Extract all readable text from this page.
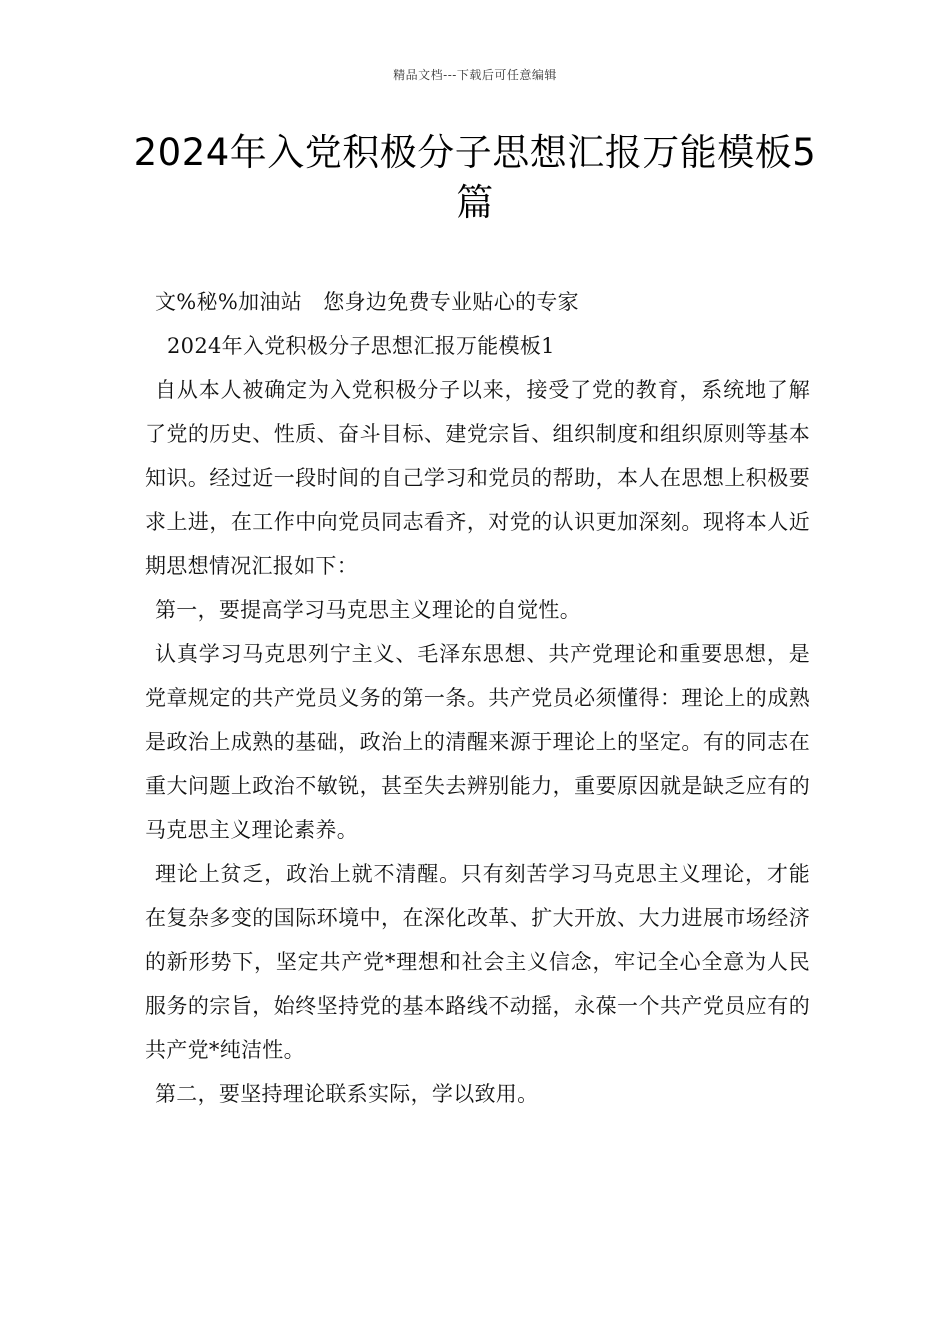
精品文档---下载后可任意编辑
2024年入党积极分子思想汇报万能模板5篇

文%秘%加油站　您身边免费专业贴心的专家

2024年入党积极分子思想汇报万能模板1

自从本人被确定为入党积极分子以来，接受了党的教育，系统地了解了党的历史、性质、奋斗目标、建党宗旨、组织制度和组织原则等基本知识。经过近一段时间的自己学习和党员的帮助，本人在思想上积极要求上进，在工作中向党员同志看齐，对党的认识更加深刻。现将本人近期思想情况汇报如下：

第一，要提高学习马克思主义理论的自觉性。

认真学习马克思列宁主义、毛泽东思想、共产党理论和重要思想，是党章规定的共产党员义务的第一条。共产党员必须懂得：理论上的成熟是政治上成熟的基础，政治上的清醒来源于理论上的坚定。有的同志在重大问题上政治不敏锐，甚至失去辨别能力，重要原因就是缺乏应有的马克思主义理论素养。

理论上贫乏，政治上就不清醒。只有刻苦学习马克思主义理论，才能在复杂多变的国际环境中，在深化改革、扩大开放、大力进展市场经济的新形势下，坚定共产党*理想和社会主义信念，牢记全心全意为人民服务的宗旨，始终坚持党的基本路线不动摇，永葆一个共产党员应有的共产党*纯洁性。

第二，要坚持理论联系实际，学以致用。
